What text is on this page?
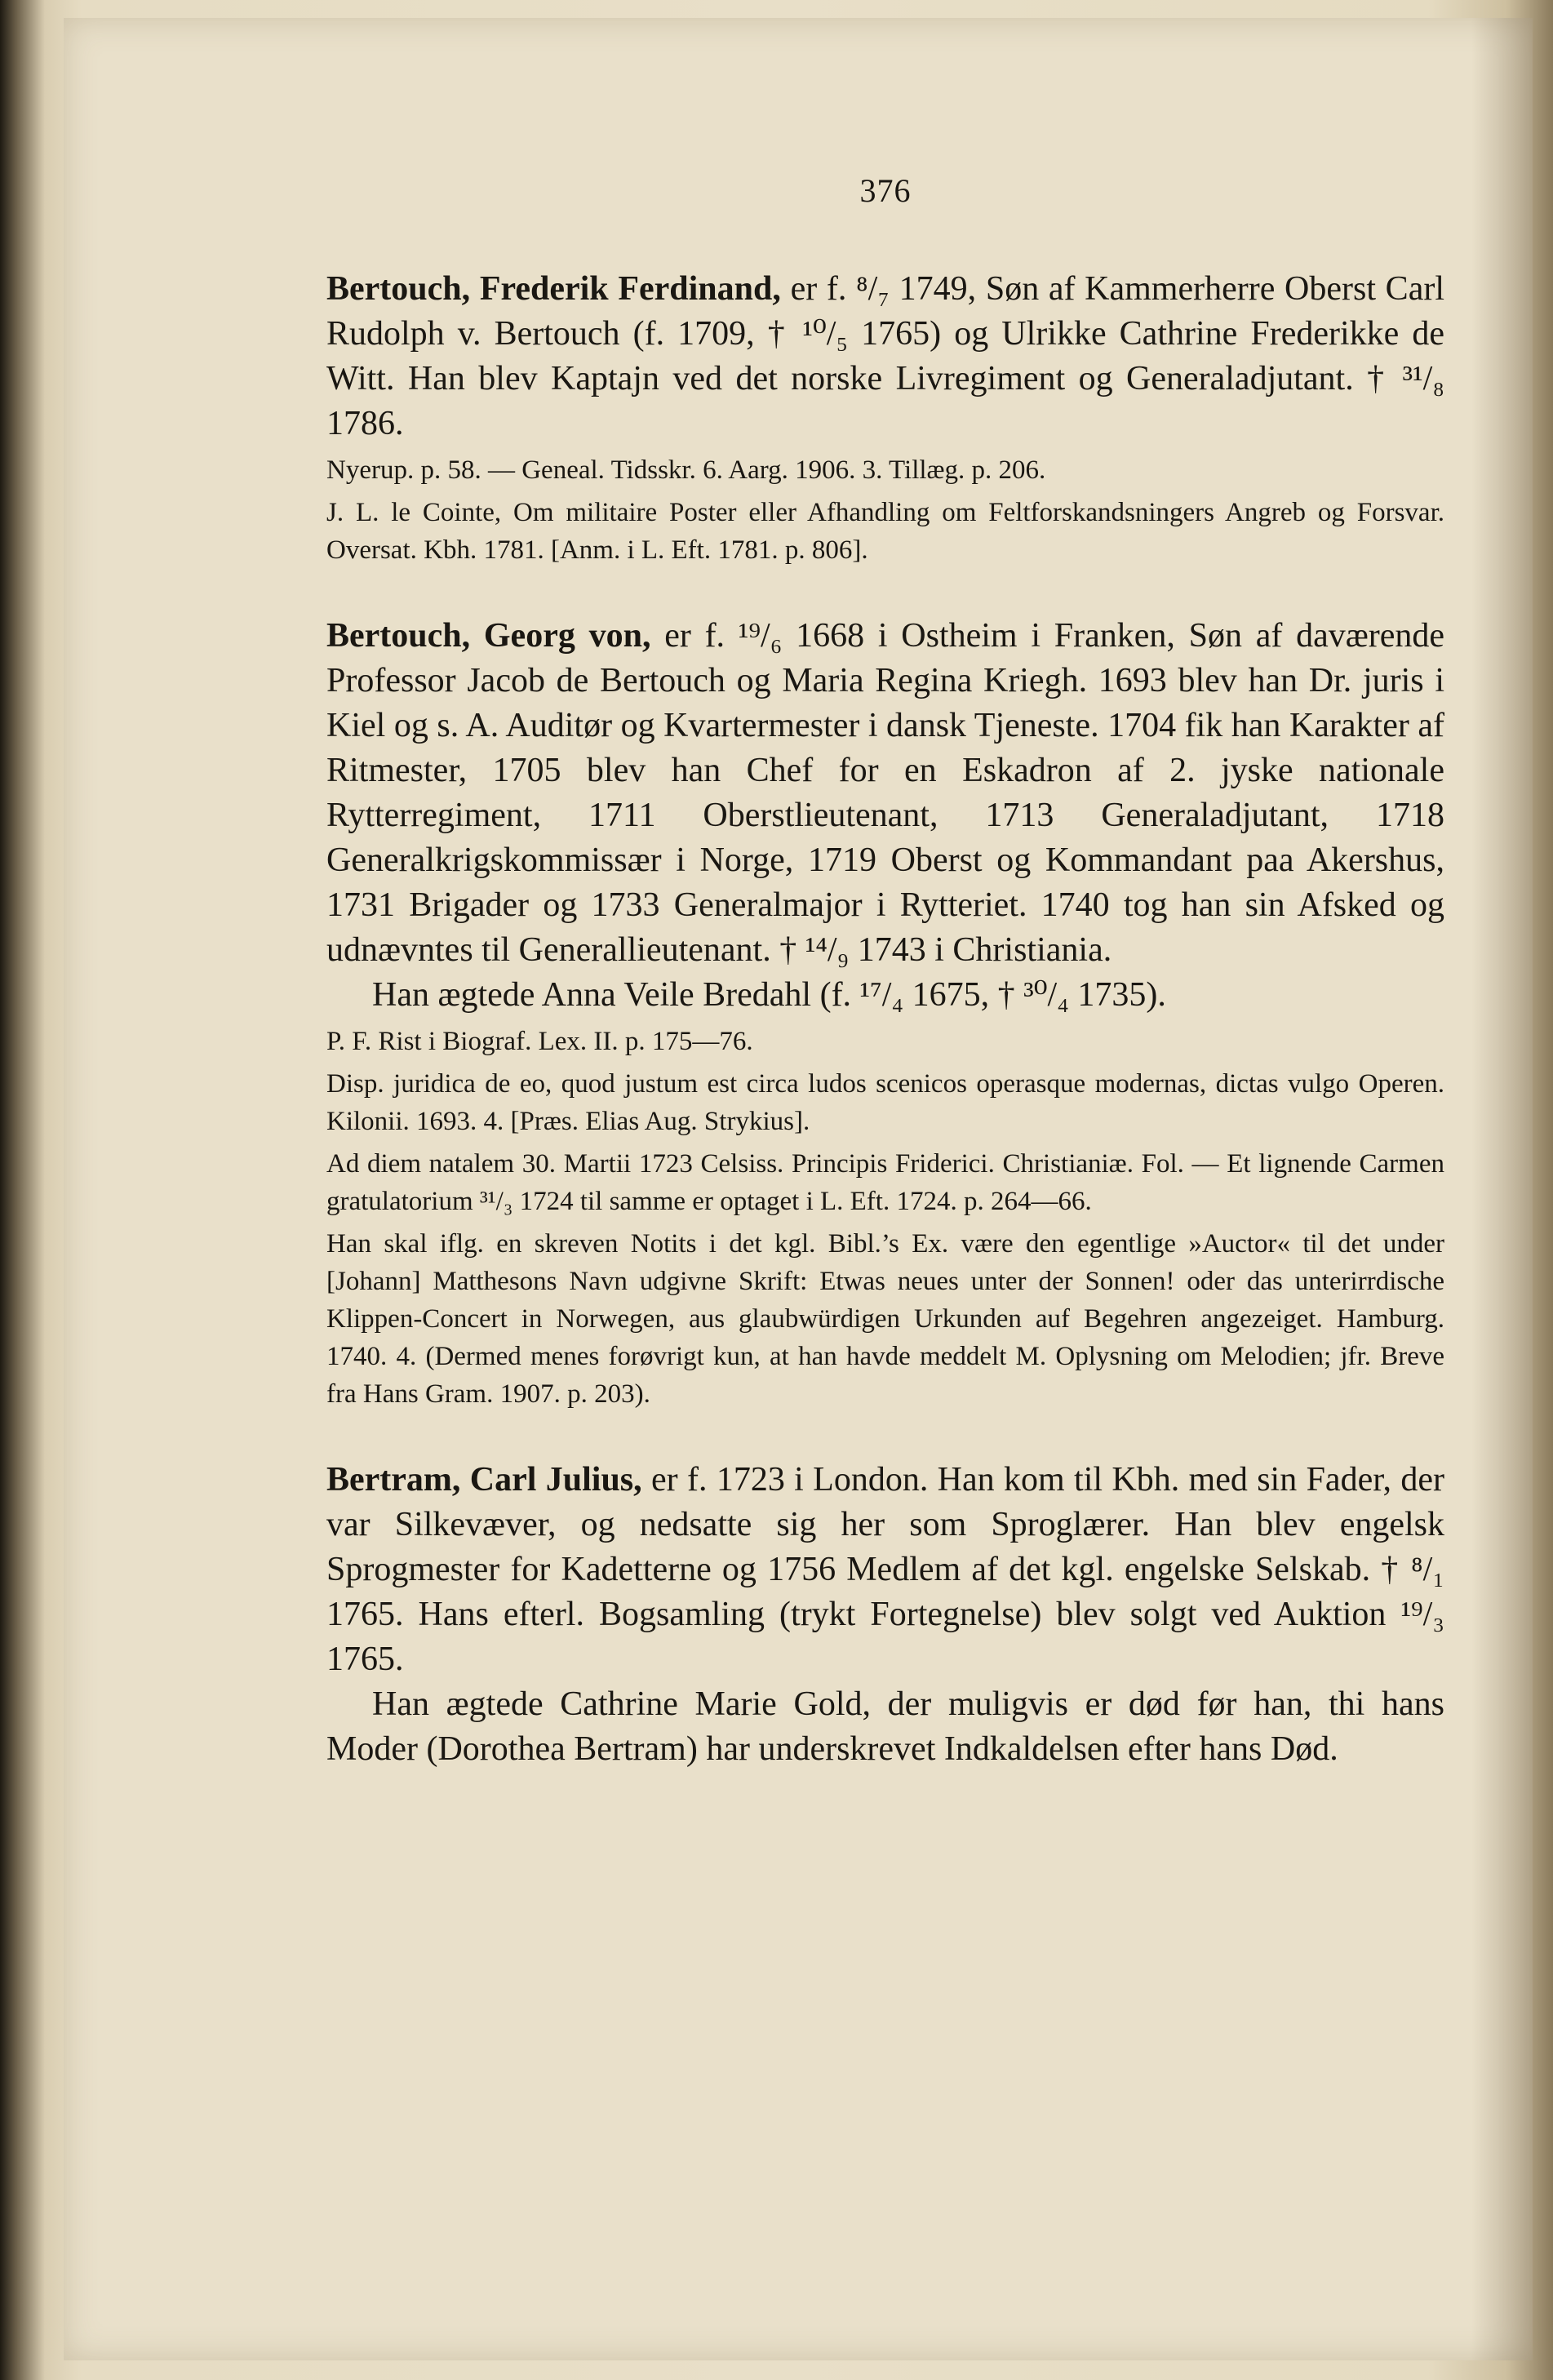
376

Bertouch, Frederik Ferdinand, er f. ⁸/₇ 1749, Søn af Kammerherre Oberst Carl Rudolph v. Bertouch (f. 1709, † ¹⁰/₅ 1765) og Ulrikke Cathrine Frederikke de Witt. Han blev Kaptajn ved det norske Livregiment og Generaladjutant. † ³¹/₈ 1786.

Nyerup. p. 58. — Geneal. Tidsskr. 6. Aarg. 1906. 3. Tillæg. p. 206.

J. L. le Cointe, Om militaire Poster eller Afhandling om Feltforskandsningers Angreb og Forsvar. Oversat. Kbh. 1781. [Anm. i L. Eft. 1781. p. 806].

Bertouch, Georg von, er f. ¹⁹/₆ 1668 i Ostheim i Franken, Søn af daværende Professor Jacob de Bertouch og Maria Regina Kriegh. 1693 blev han Dr. juris i Kiel og s. A. Auditør og Kvartermester i dansk Tjeneste. 1704 fik han Karakter af Ritmester, 1705 blev han Chef for en Eskadron af 2. jyske nationale Rytterregiment, 1711 Oberstlieutenant, 1713 Generaladjutant, 1718 Generalkrigskommissær i Norge, 1719 Oberst og Kommandant paa Akershus, 1731 Brigader og 1733 Generalmajor i Rytteriet. 1740 tog han sin Afsked og udnævntes til Generallieutenant. † ¹⁴/₉ 1743 i Christiania.

Han ægtede Anna Veile Bredahl (f. ¹⁷/₄ 1675, † ³⁰/₄ 1735).

P. F. Rist i Biograf. Lex. II. p. 175—76.

Disp. juridica de eo, quod justum est circa ludos scenicos operasque modernas, dictas vulgo Operen. Kilonii. 1693. 4. [Præs. Elias Aug. Strykius].

Ad diem natalem 30. Martii 1723 Celsiss. Principis Friderici. Christianiæ. Fol. — Et lignende Carmen gratulatorium ³¹/₃ 1724 til samme er optaget i L. Eft. 1724. p. 264—66.

Han skal iflg. en skreven Notits i det kgl. Bibl.’s Ex. være den egentlige »Auctor« til det under [Johann] Matthesons Navn udgivne Skrift: Etwas neues unter der Sonnen! oder das unterirrdische Klippen-Concert in Norwegen, aus glaubwürdigen Urkunden auf Begehren angezeiget. Hamburg. 1740. 4. (Dermed menes forøvrigt kun, at han havde meddelt M. Oplysning om Melodien; jfr. Breve fra Hans Gram. 1907. p. 203).

Bertram, Carl Julius, er f. 1723 i London. Han kom til Kbh. med sin Fader, der var Silkevæver, og nedsatte sig her som Sproglærer. Han blev engelsk Sprogmester for Kadetterne og 1756 Medlem af det kgl. engelske Selskab. † ⁸/₁ 1765. Hans efterl. Bogsamling (trykt Fortegnelse) blev solgt ved Auktion ¹⁹/₃ 1765.

Han ægtede Cathrine Marie Gold, der muligvis er død før han, thi hans Moder (Dorothea Bertram) har underskrevet Indkaldelsen efter hans Død.
